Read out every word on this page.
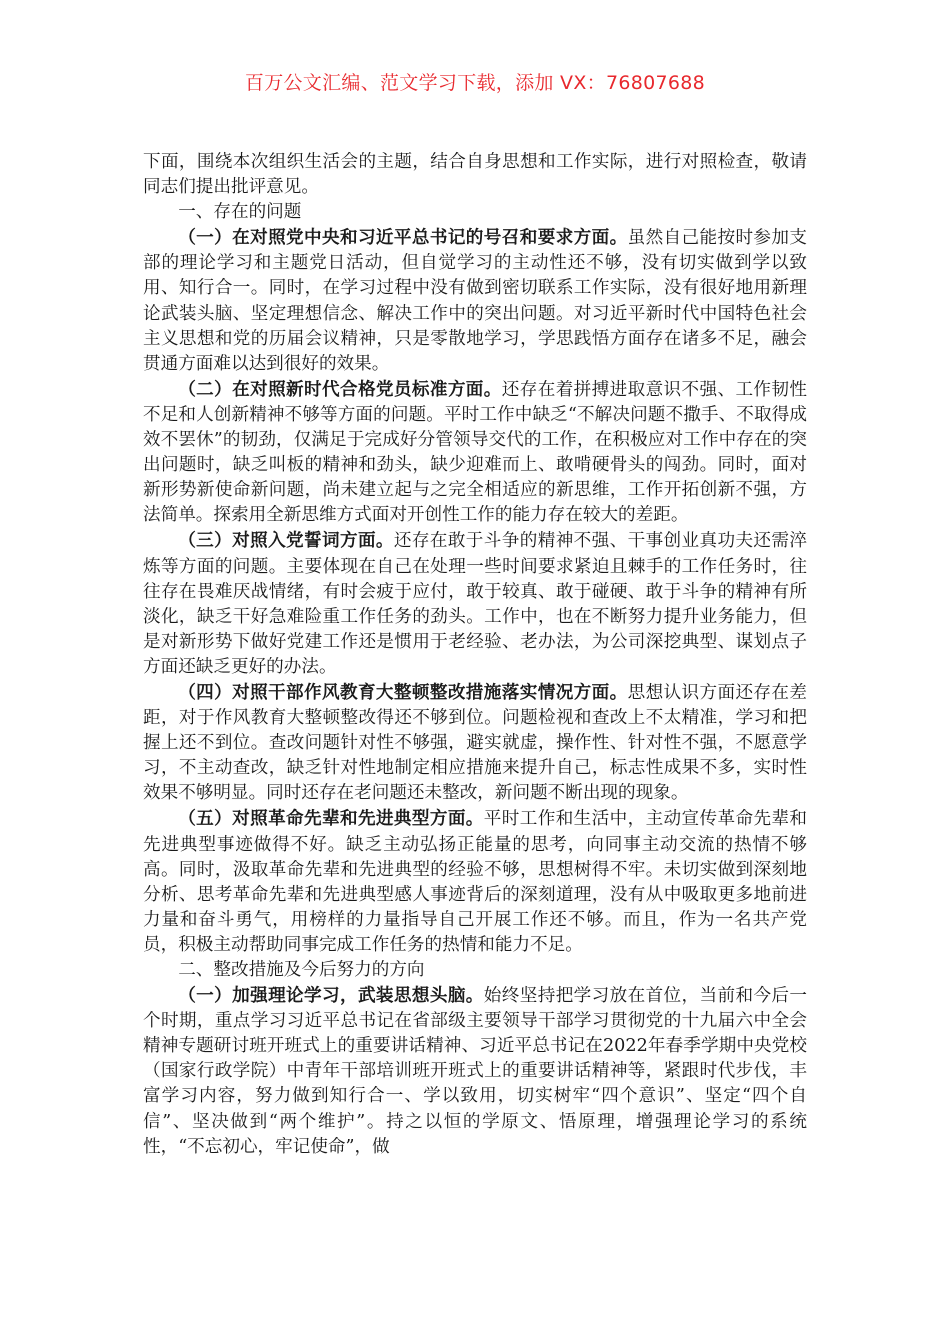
百万公文汇编、范文学习下载，添加 VX：76807688

下面，围绕本次组织生活会的主题，结合自身思想和工作实际，进行对照检查，敬请同志们提出批评意见。

一、存在的问题

（一）在对照党中央和习近平总书记的号召和要求方面。虽然自己能按时参加支部的理论学习和主题党日活动，但自觉学习的主动性还不够，没有切实做到学以致用、知行合一。同时，在学习过程中没有做到密切联系工作实际，没有很好地用新理论武装头脑、坚定理想信念、解决工作中的突出问题。对习近平新时代中国特色社会主义思想和党的历届会议精神，只是零散地学习，学思践悟方面存在诸多不足，融会贯通方面难以达到很好的效果。

（二）在对照新时代合格党员标准方面。还存在着拼搏进取意识不强、工作韧性不足和人创新精神不够等方面的问题。平时工作中缺乏“不解决问题不撒手、不取得成效不罢休”的韧劲，仅满足于完成好分管领导交代的工作，在积极应对工作中存在的突出问题时，缺乏叫板的精神和劲头，缺少迎难而上、敢啃硬骨头的闯劲。同时，面对新形势新使命新问题，尚未建立起与之完全相适应的新思维，工作开拓创新不强，方法简单。探索用全新思维方式面对开创性工作的能力存在较大的差距。

（三）对照入党誓词方面。还存在敢于斗争的精神不强、干事创业真功夫还需淬炼等方面的问题。主要体现在自己在处理一些时间要求紧迫且棘手的工作任务时，往往存在畏难厌战情绪，有时会疲于应付，敢于较真、敢于碰硬、敢于斗争的精神有所淡化，缺乏干好急难险重工作任务的劲头。工作中，也在不断努力提升业务能力，但是对新形势下做好党建工作还是惯用于老经验、老办法，为公司深挖典型、谋划点子方面还缺乏更好的办法。

（四）对照干部作风教育大整顿整改措施落实情况方面。思想认识方面还存在差距，对于作风教育大整顿整改得还不够到位。问题检视和查改上不太精准，学习和把握上还不到位。查改问题针对性不够强，避实就虚，操作性、针对性不强，不愿意学习，不主动查改，缺乏针对性地制定相应措施来提升自己，标志性成果不多，实时性效果不够明显。同时还存在老问题还未整改，新问题不断出现的现象。

（五）对照革命先辈和先进典型方面。平时工作和生活中，主动宣传革命先辈和先进典型事迹做得不好。缺乏主动弘扬正能量的思考，向同事主动交流的热情不够高。同时，汲取革命先辈和先进典型的经验不够，思想树得不牢。未切实做到深刻地分析、思考革命先辈和先进典型感人事迹背后的深刻道理，没有从中吸取更多地前进力量和奋斗勇气，用榜样的力量指导自己开展工作还不够。而且，作为一名共产党员，积极主动帮助同事完成工作任务的热情和能力不足。

二、整改措施及今后努力的方向

（一）加强理论学习，武装思想头脑。始终坚持把学习放在首位，当前和今后一个时期，重点学习习近平总书记在省部级主要领导干部学习贯彻党的十九届六中全会精神专题研讨班开班式上的重要讲话精神、习近平总书记在2022年春季学期中央党校（国家行政学院）中青年干部培训班开班式上的重要讲话精神等，紧跟时代步伐，丰富学习内容，努力做到知行合一、学以致用，切实树牢“四个意识”、坚定“四个自信”、坚决做到“两个维护”。持之以恒的学原文、悟原理，增强理论学习的系统性，“不忘初心，牢记使命”，做
